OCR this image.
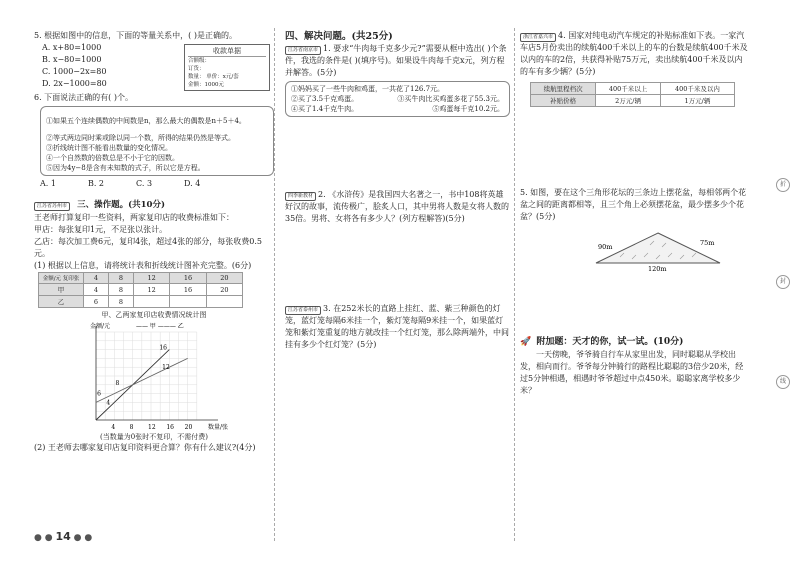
折
封
线

5. 根据如图中的信息，下面的等量关系中，( )是正确的。

A. x+80=1000

B. x−80=1000

C. 1000−2x=80

D. 2x−1000=80

收款单据
合额级：
订货：
数量： 单价：x元/套
金额：1000元

6. 下面说法正确的有( )个。

①如果五个连续偶数的中间数是n，那么最大的偶数是n＋5＋4。

②等式两边同时乘或除以同一个数，所得的结果仍然是等式。

③折线统计图不能看出数量的变化情况。

④一个自然数的倍数总是不小于它的因数。

⑤因为4y−8是含有未知数的式子，所以它是方程。

A. 1	B. 2	C. 3	D. 4
江苏省苏州市 三、操作题。(共10分)

王老师打算复印一些资料，两家复印店的收费标准如下：

甲店：每张复印1元，不足张以张计。

乙店：每次加工费6元，复印4张，超过4张的部分，每张收费0.5元。

(1) 根据以上信息，请将统计表和折线统计图补充完整。(6分)

金额/元 复印张	4	8	12	16	20
甲	4	8	12	16	20
乙	6	8			

甲、乙两家复印店收费情况统计图

金额/元	—— 甲 ——— 乙
数量/张
4 8 12 16 20
4
6
8
12
16

(当数量为0张时不复印，不需付费)

(2) 王老师去哪家复印店复印资料更合算？你有什么建议?(4分)

四、解决问题。(共25分)

江苏省南京市 1. 要求“牛肉每千克多少元?”需要从框中选出( )个条件，我选的条件是( )(填序号)。如果设牛肉每千克x元，列方程并解答。(5分)

①妈妈买了一些牛肉和鸡蛋，一共花了126.7元。

②买了3.5千克鸡蛋。	③买牛肉比买鸡蛋多花了55.3元。
④买了1.4千克牛肉。	⑤鸡蛋每千克10.2元。

四季新教材 2. 《水浒传》是我国四大名著之一，书中108将英雄好汉的故事，流传极广，脍炙人口，其中男将人数是女将人数的35倍。男将、女将各有多少人？(列方程解答)(5分)

江苏省泰州市 3. 在252米长的直路上挂红、蓝、紫三种颜色的灯笼，蓝灯笼每隔6米挂一个，紫灯笼每隔9米挂一个，如果蓝灯笼和紫灯笼重复的地方就改挂一个红灯笼，那么除两端外，中间挂有多少个红灯笼？(5分)

浙江省嘉兴市 4. 国家对纯电动汽车规定的补贴标准如下表。一家汽车店5月份卖出的续航400千米以上的车的台数是续航400千米及以内的车的2倍，共获得补贴75万元，卖出续航400千米及以内的车有多少辆？(5分)

续航里程档次	400千米以上	400千米及以内
补贴价格	2万元/辆	1万元/辆

5. 如图，要在这个三角形花坛的三条边上摆花盆，每相邻两个花盆之间的距离都相等，且三个角上必须摆花盆，最少摆多少个花盆？(5分)

90m	75m
120m
🚀 附加题：天才的你，试一试。(10分)

一天傍晚，爷爷骑自行车从家里出发，同时聪聪从学校出发，相向而行。爷爷每分钟骑行的路程比聪聪的3倍少20米，经过5分钟相遇，相遇时爷爷超过中点450米。聪聪家离学校多少米？

● ● 14 ● ●
